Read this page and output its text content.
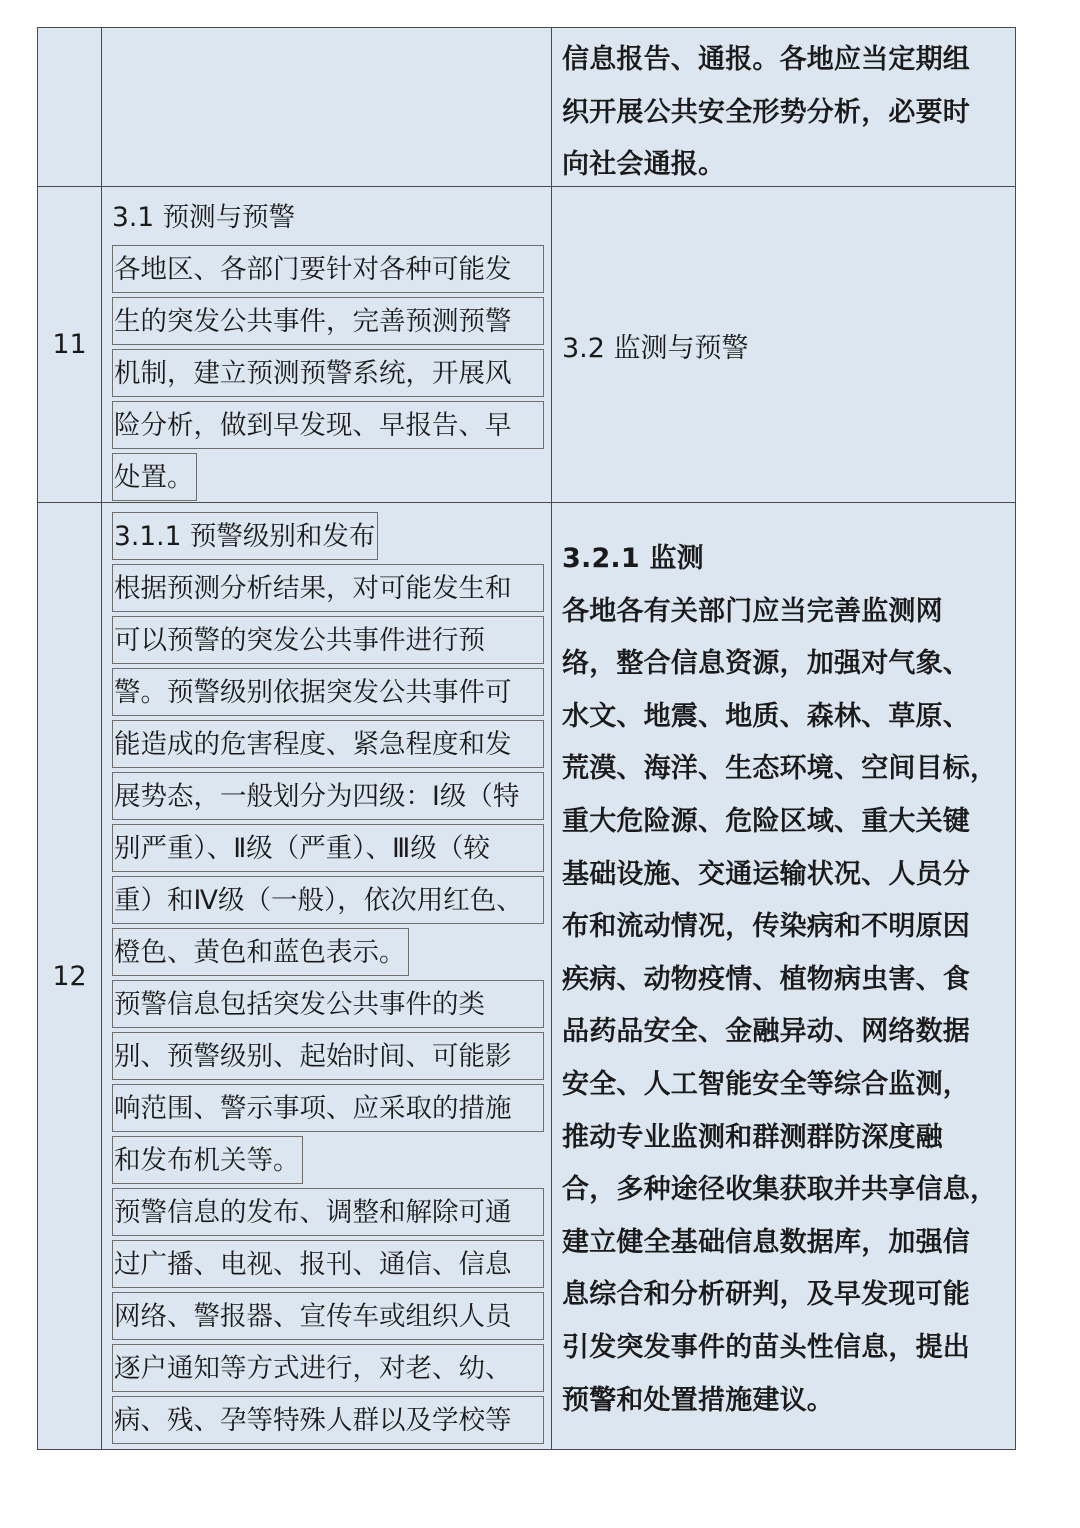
信息报告、通报。各地应当定期组
织开展公共安全形势分析，必要时
向社会通报。
11
3.1 预测与预警
各地区、各部门要针对各种可能发
生的突发公共事件，完善预测预警
机制，建立预测预警系统，开展风
险分析，做到早发现、早报告、早
处置。
3.2 监测与预警
12
3.1.1 预警级别和发布
根据预测分析结果，对可能发生和
可以预警的突发公共事件进行预
警。预警级别依据突发公共事件可
能造成的危害程度、紧急程度和发
展势态，一般划分为四级：Ⅰ级（特
别严重）、Ⅱ级（严重）、Ⅲ级（较
重）和Ⅳ级（一般），依次用红色、
橙色、黄色和蓝色表示。
预警信息包括突发公共事件的类
别、预警级别、起始时间、可能影
响范围、警示事项、应采取的措施
和发布机关等。
预警信息的发布、调整和解除可通
过广播、电视、报刊、通信、信息
网络、警报器、宣传车或组织人员
逐户通知等方式进行，对老、幼、
病、残、孕等特殊人群以及学校等
3.2.1 监测
各地各有关部门应当完善监测网
络，整合信息资源，加强对气象、
水文、地震、地质、森林、草原、
荒漠、海洋、生态环境、空间目标，
重大危险源、危险区域、重大关键
基础设施、交通运输状况、人员分
布和流动情况，传染病和不明原因
疾病、动物疫情、植物病虫害、食
品药品安全、金融异动、网络数据
安全、人工智能安全等综合监测，
推动专业监测和群测群防深度融
合，多种途径收集获取并共享信息，
建立健全基础信息数据库，加强信
息综合和分析研判，及早发现可能
引发突发事件的苗头性信息，提出
预警和处置措施建议。
